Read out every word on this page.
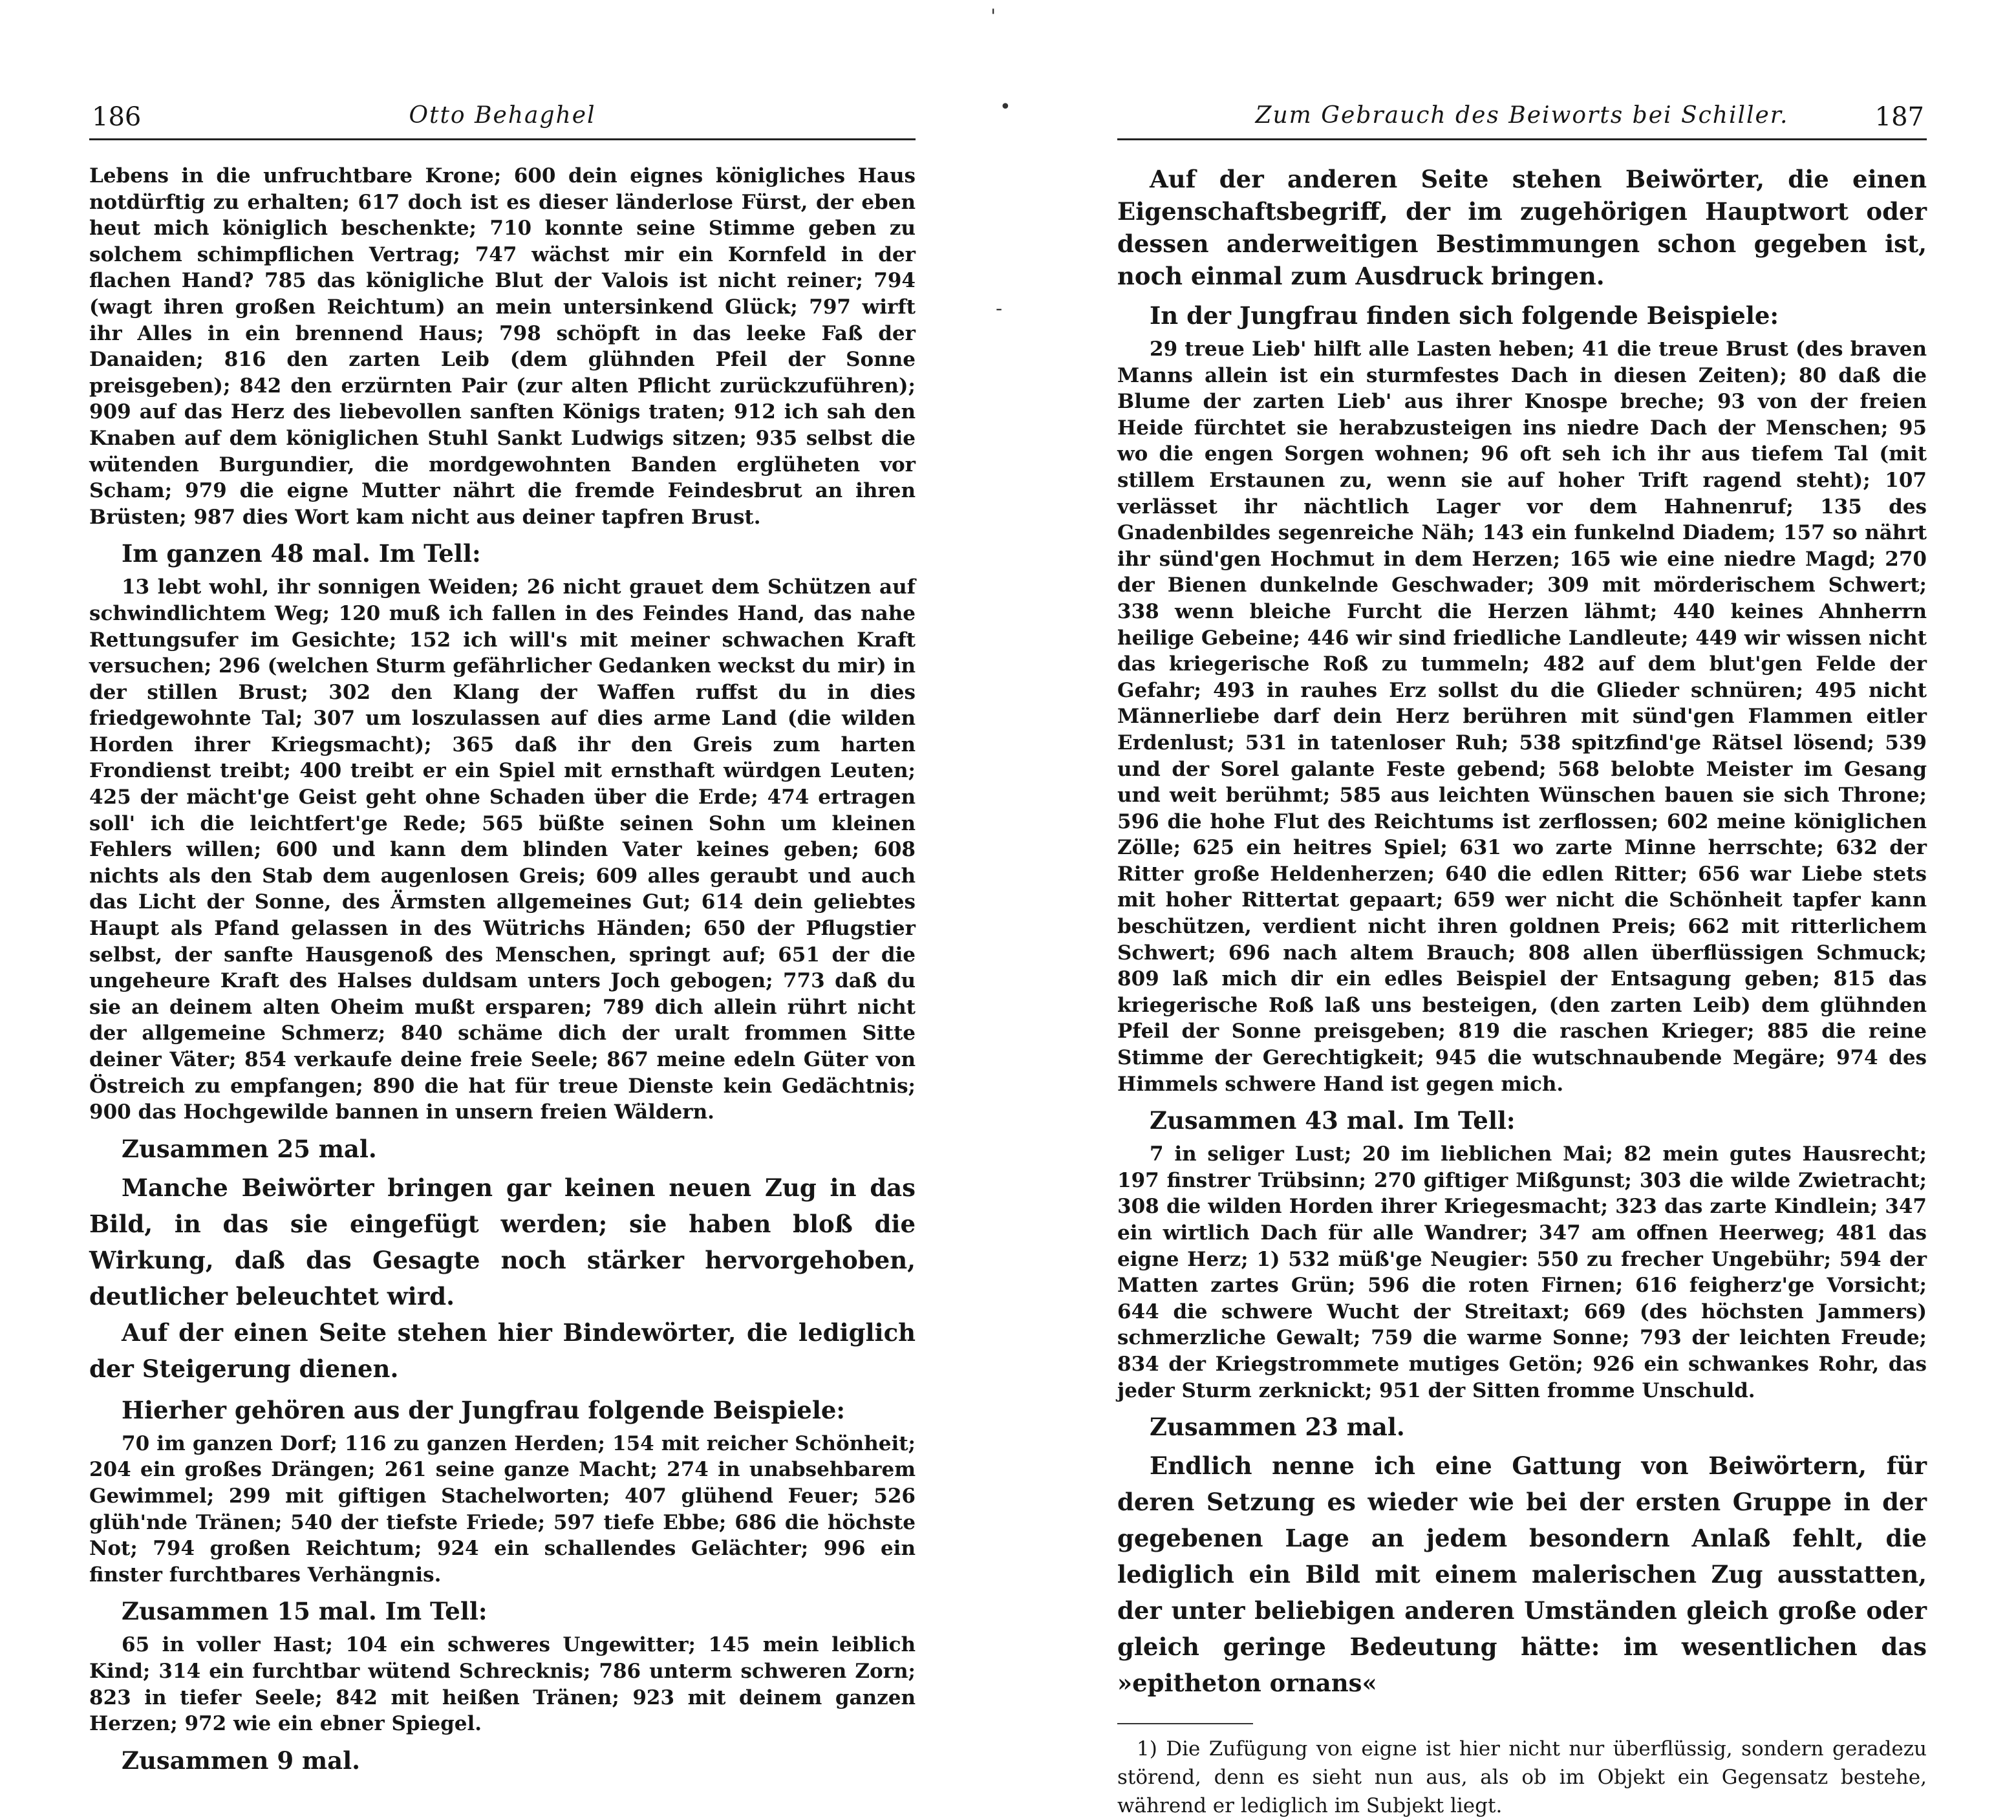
186	Otto Behaghel

Lebens in die unfruchtbare Krone; 600 dein eignes königliches Haus notdürftig zu erhalten; 617 doch ist es dieser länderlose Fürst, der eben heut mich königlich beschenkte; 710 konnte seine Stimme geben zu solchem schimpflichen Vertrag; 747 wächst mir ein Kornfeld in der flachen Hand? 785 das königliche Blut der Valois ist nicht reiner; 794 (wagt ihren großen Reichtum) an mein untersinkend Glück; 797 wirft ihr Alles in ein brennend Haus; 798 schöpft in das leeke Faß der Danaiden; 816 den zarten Leib (dem glühnden Pfeil der Sonne preisgeben); 842 den erzürnten Pair (zur alten Pflicht zurückzuführen); 909 auf das Herz des liebevollen sanften Königs traten; 912 ich sah den Knaben auf dem königlichen Stuhl Sankt Ludwigs sitzen; 935 selbst die wütenden Burgundier, die mordgewohnten Banden erglüheten vor Scham; 979 die eigne Mutter nährt die fremde Feindesbrut an ihren Brüsten; 987 dies Wort kam nicht aus deiner tapfren Brust.

Im ganzen 48 mal. Im Tell:

13 lebt wohl, ihr sonnigen Weiden; 26 nicht grauet dem Schützen auf schwindlichtem Weg; 120 muß ich fallen in des Feindes Hand, das nahe Rettungsufer im Gesichte; 152 ich will's mit meiner schwachen Kraft versuchen; 296 (welchen Sturm gefährlicher Gedanken weckst du mir) in der stillen Brust; 302 den Klang der Waffen ruffst du in dies friedgewohnte Tal; 307 um loszulassen auf dies arme Land (die wilden Horden ihrer Kriegsmacht); 365 daß ihr den Greis zum harten Frondienst treibt; 400 treibt er ein Spiel mit ernsthaft würdgen Leuten; 425 der mächt'ge Geist geht ohne Schaden über die Erde; 474 ertragen soll' ich die leichtfert'ge Rede; 565 büßte seinen Sohn um kleinen Fehlers willen; 600 und kann dem blinden Vater keines geben; 608 nichts als den Stab dem augenlosen Greis; 609 alles geraubt und auch das Licht der Sonne, des Ärmsten allgemeines Gut; 614 dein geliebtes Haupt als Pfand gelassen in des Wütrichs Händen; 650 der Pflugstier selbst, der sanfte Hausgenoß des Menschen, springt auf; 651 der die ungeheure Kraft des Halses duldsam unters Joch gebogen; 773 daß du sie an deinem alten Oheim mußt ersparen; 789 dich allein rührt nicht der allgemeine Schmerz; 840 schäme dich der uralt frommen Sitte deiner Väter; 854 verkaufe deine freie Seele; 867 meine edeln Güter von Östreich zu empfangen; 890 die hat für treue Dienste kein Gedächtnis; 900 das Hochgewilde bannen in unsern freien Wäldern.

Zusammen 25 mal.

Manche Beiwörter bringen gar keinen neuen Zug in das Bild, in das sie eingefügt werden; sie haben bloß die Wirkung, daß das Gesagte noch stärker hervorgehoben, deutlicher beleuchtet wird.

Auf der einen Seite stehen hier Bindewörter, die lediglich der Steigerung dienen.

Hierher gehören aus der Jungfrau folgende Beispiele:

70 im ganzen Dorf; 116 zu ganzen Herden; 154 mit reicher Schönheit; 204 ein großes Drängen; 261 seine ganze Macht; 274 in unabsehbarem Gewimmel; 299 mit giftigen Stachelworten; 407 glühend Feuer; 526 glüh'nde Tränen; 540 der tiefste Friede; 597 tiefe Ebbe; 686 die höchste Not; 794 großen Reichtum; 924 ein schallendes Gelächter; 996 ein finster furchtbares Verhängnis.

Zusammen 15 mal. Im Tell:

65 in voller Hast; 104 ein schweres Ungewitter; 145 mein leiblich Kind; 314 ein furchtbar wütend Schrecknis; 786 unterm schweren Zorn; 823 in tiefer Seele; 842 mit heißen Tränen; 923 mit deinem ganzen Herzen; 972 wie ein ebner Spiegel.

Zusammen 9 mal.

'
•
-
Zum Gebrauch des Beiworts bei Schiller.	187

Auf der anderen Seite stehen Beiwörter, die einen Eigenschaftsbegriff, der im zugehörigen Hauptwort oder dessen anderweitigen Bestimmungen schon gegeben ist, noch einmal zum Ausdruck bringen.

In der Jungfrau finden sich folgende Beispiele:

29 treue Lieb' hilft alle Lasten heben; 41 die treue Brust (des braven Manns allein ist ein sturmfestes Dach in diesen Zeiten); 80 daß die Blume der zarten Lieb' aus ihrer Knospe breche; 93 von der freien Heide fürchtet sie herabzusteigen ins niedre Dach der Menschen; 95 wo die engen Sorgen wohnen; 96 oft seh ich ihr aus tiefem Tal (mit stillem Erstaunen zu, wenn sie auf hoher Trift ragend steht); 107 verlässet ihr nächtlich Lager vor dem Hahnenruf; 135 des Gnadenbildes segenreiche Näh; 143 ein funkelnd Diadem; 157 so nährt ihr sünd'gen Hochmut in dem Herzen; 165 wie eine niedre Magd; 270 der Bienen dunkelnde Geschwader; 309 mit mörderischem Schwert; 338 wenn bleiche Furcht die Herzen lähmt; 440 keines Ahnherrn heilige Gebeine; 446 wir sind friedliche Landleute; 449 wir wissen nicht das kriegerische Roß zu tummeln; 482 auf dem blut'gen Felde der Gefahr; 493 in rauhes Erz sollst du die Glieder schnüren; 495 nicht Männerliebe darf dein Herz berühren mit sünd'gen Flammen eitler Erdenlust; 531 in tatenloser Ruh; 538 spitzfind'ge Rätsel lösend; 539 und der Sorel galante Feste gebend; 568 belobte Meister im Gesang und weit berühmt; 585 aus leichten Wünschen bauen sie sich Throne; 596 die hohe Flut des Reichtums ist zerflossen; 602 meine königlichen Zölle; 625 ein heitres Spiel; 631 wo zarte Minne herrschte; 632 der Ritter große Heldenherzen; 640 die edlen Ritter; 656 war Liebe stets mit hoher Rittertat gepaart; 659 wer nicht die Schönheit tapfer kann beschützen, verdient nicht ihren goldnen Preis; 662 mit ritterlichem Schwert; 696 nach altem Brauch; 808 allen überflüssigen Schmuck; 809 laß mich dir ein edles Beispiel der Entsagung geben; 815 das kriegerische Roß laß uns besteigen, (den zarten Leib) dem glühnden Pfeil der Sonne preisgeben; 819 die raschen Krieger; 885 die reine Stimme der Gerechtigkeit; 945 die wutschnaubende Megäre; 974 des Himmels schwere Hand ist gegen mich.

Zusammen 43 mal. Im Tell:

7 in seliger Lust; 20 im lieblichen Mai; 82 mein gutes Hausrecht; 197 finstrer Trübsinn; 270 giftiger Mißgunst; 303 die wilde Zwietracht; 308 die wilden Horden ihrer Kriegesmacht; 323 das zarte Kindlein; 347 ein wirtlich Dach für alle Wandrer; 347 am offnen Heerweg; 481 das eigne Herz; 1) 532 müß'ge Neugier: 550 zu frecher Ungebühr; 594 der Matten zartes Grün; 596 die roten Firnen; 616 feigherz'ge Vorsicht; 644 die schwere Wucht der Streitaxt; 669 (des höchsten Jammers) schmerzliche Gewalt; 759 die warme Sonne; 793 der leichten Freude; 834 der Kriegstrommete mutiges Getön; 926 ein schwankes Rohr, das jeder Sturm zerknickt; 951 der Sitten fromme Unschuld.

Zusammen 23 mal.

Endlich nenne ich eine Gattung von Beiwörtern, für deren Setzung es wieder wie bei der ersten Gruppe in der gegebenen Lage an jedem besondern Anlaß fehlt, die lediglich ein Bild mit einem malerischen Zug ausstatten, der unter beliebigen anderen Umständen gleich große oder gleich geringe Bedeutung hätte: im wesentlichen das »epitheton ornans«

1) Die Zufügung von eigne ist hier nicht nur überflüssig, sondern geradezu störend, denn es sieht nun aus, als ob im Objekt ein Gegensatz bestehe, während er lediglich im Subjekt liegt.
